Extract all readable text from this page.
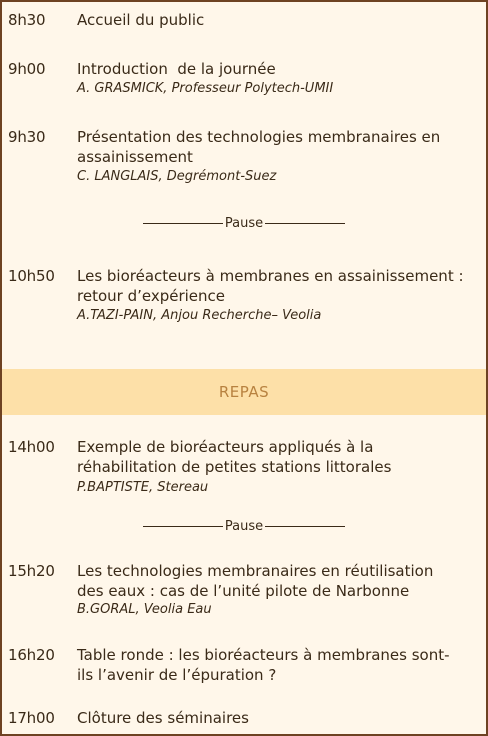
8h30 Accueil du public
9h00 Introduction  de la journée
A. GRASMICK, Professeur Polytech-UMII
9h30 Présentation des technologies membranaires en assainissement
C. LANGLAIS, Degrémont-Suez
Pause
10h50 Les bioréacteurs à membranes en assainissement : retour d’expérience
A.TAZI-PAIN, Anjou Recherche– Veolia
REPAS
14h00 Exemple de bioréacteurs appliqués à la réhabilitation de petites stations littorales
P.BAPTISTE, Stereau
Pause
15h20 Les technologies membranaires en réutilisation des eaux : cas de l’unité pilote de Narbonne
B.GORAL, Veolia Eau
16h20 Table ronde : les bioréacteurs à membranes sont-ils l’avenir de l’épuration ?
17h00 Clôture des séminaires
